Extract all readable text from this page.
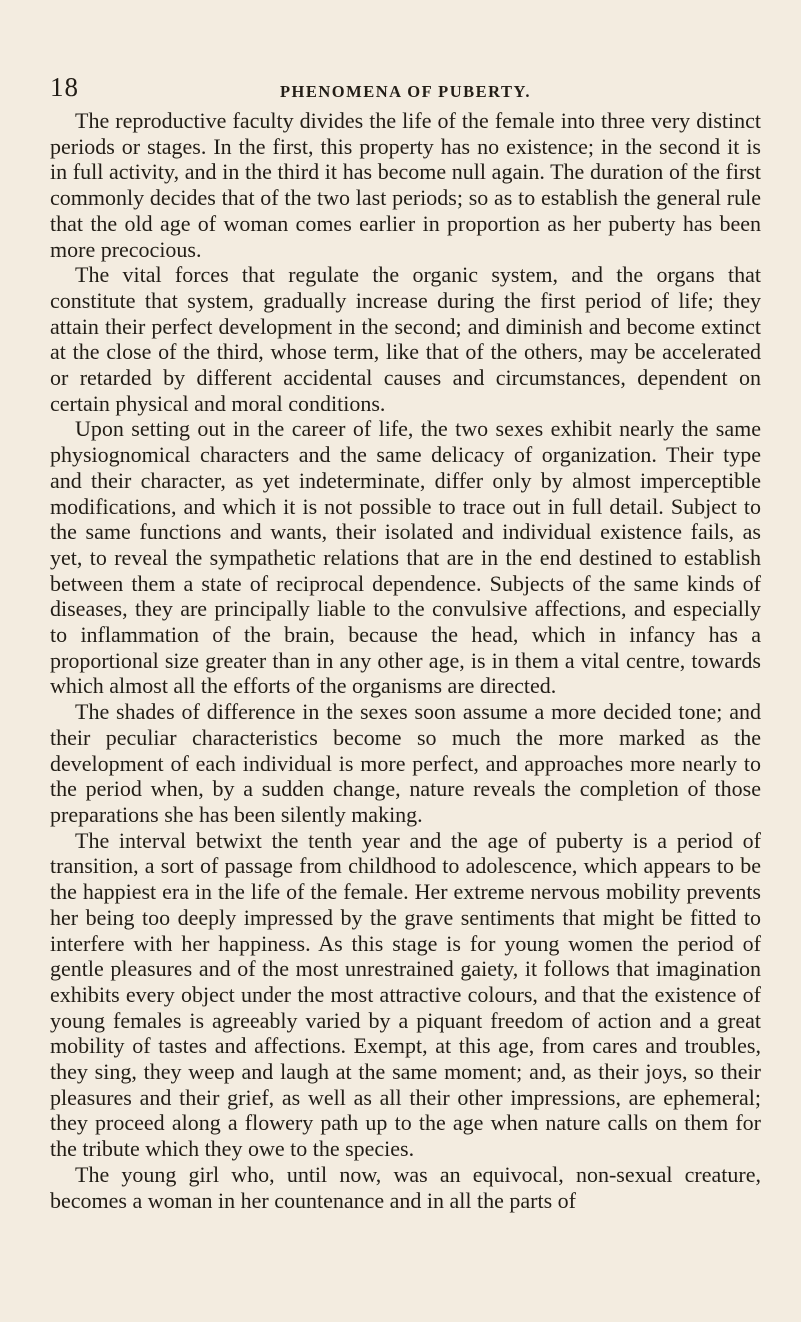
18	PHENOMENA OF PUBERTY.

The reproductive faculty divides the life of the female into three very distinct periods or stages. In the first, this property has no existence; in the second it is in full activity, and in the third it has become null again. The duration of the first commonly decides that of the two last periods; so as to establish the general rule that the old age of woman comes earlier in proportion as her puberty has been more precocious.

The vital forces that regulate the organic system, and the organs that constitute that system, gradually increase during the first period of life; they attain their perfect development in the second; and diminish and become extinct at the close of the third, whose term, like that of the others, may be accelerated or retarded by different accidental causes and circumstances, dependent on certain physical and moral conditions.

Upon setting out in the career of life, the two sexes exhibit nearly the same physiognomical characters and the same delicacy of organization. Their type and their character, as yet indeterminate, differ only by almost imperceptible modifications, and which it is not possible to trace out in full detail. Subject to the same functions and wants, their isolated and individual existence fails, as yet, to reveal the sympathetic relations that are in the end destined to establish between them a state of reciprocal dependence. Subjects of the same kinds of diseases, they are principally liable to the convulsive affections, and especially to inflammation of the brain, because the head, which in infancy has a proportional size greater than in any other age, is in them a vital centre, towards which almost all the efforts of the organisms are directed.

The shades of difference in the sexes soon assume a more decided tone; and their peculiar characteristics become so much the more marked as the development of each individual is more perfect, and approaches more nearly to the period when, by a sudden change, nature reveals the completion of those preparations she has been silently making.

The interval betwixt the tenth year and the age of puberty is a period of transition, a sort of passage from childhood to adolescence, which appears to be the happiest era in the life of the female. Her extreme nervous mobility prevents her being too deeply impressed by the grave sentiments that might be fitted to interfere with her happiness. As this stage is for young women the period of gentle pleasures and of the most unrestrained gaiety, it follows that imagination exhibits every object under the most attractive colours, and that the existence of young females is agreeably varied by a piquant freedom of action and a great mobility of tastes and affections. Exempt, at this age, from cares and troubles, they sing, they weep and laugh at the same moment; and, as their joys, so their pleasures and their grief, as well as all their other impressions, are ephemeral; they proceed along a flowery path up to the age when nature calls on them for the tribute which they owe to the species.

The young girl who, until now, was an equivocal, non-sexual creature, becomes a woman in her countenance and in all the parts of
